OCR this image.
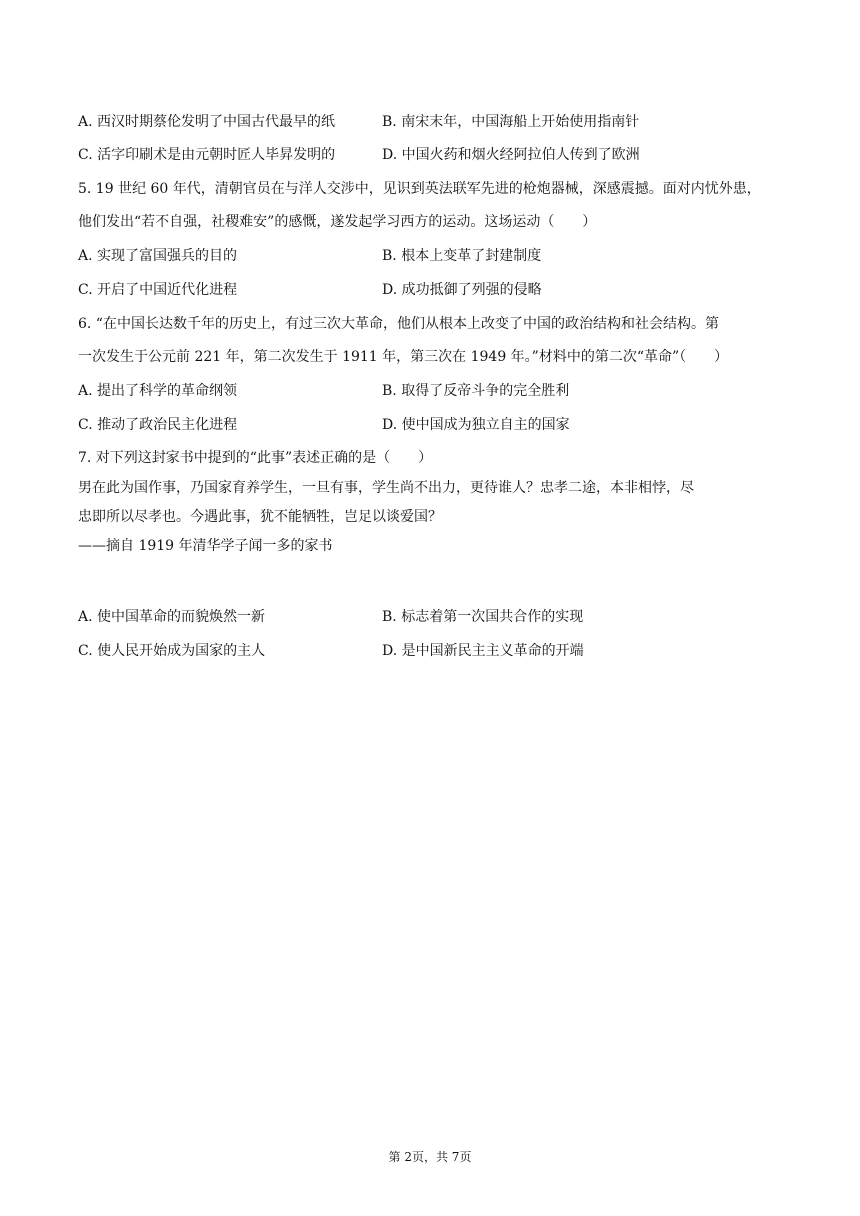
A. 西汉时期蔡伦发明了中国古代最早的纸	B. 南宋末年，中国海船上开始使用指南针
C. 活字印刷术是由元朝时匠人毕昇发明的	D. 中国火药和烟火经阿拉伯人传到了欧洲
5. 19 世纪 60 年代，清朝官员在与洋人交涉中，见识到英法联军先进的枪炮器械，深感震撼。面对内忧外患，
他们发出“若不自强，社稷难安”的感慨，遂发起学习西方的运动。这场运动（　　）
A. 实现了富国强兵的目的	B. 根本上变革了封建制度
C. 开启了中国近代化进程	D. 成功抵御了列强的侵略
6. “在中国长达数千年的历史上，有过三次大革命，他们从根本上改变了中国的政治结构和社会结构。第
一次发生于公元前 221 年，第二次发生于 1911 年，第三次在 1949 年。”材料中的第二次“革命”（　　）
A. 提出了科学的革命纲领	B. 取得了反帝斗争的完全胜利
C. 推动了政治民主化进程	D. 使中国成为独立自主的国家
7. 对下列这封家书中提到的“此事”表述正确的是（　　）
男在此为国作事，乃国家育养学生，一旦有事，学生尚不出力，更待谁人？忠孝二途，本非相悖，尽
忠即所以尽孝也。今遇此事，犹不能牺牲，岂足以谈爱国？
——摘自 1919 年清华学子闻一多的家书
A. 使中国革命的而貌焕然一新	B. 标志着第一次国共合作的实现
C. 使人民开始成为国家的主人	D. 是中国新民主主义革命的开端
第 2页，共 7页
